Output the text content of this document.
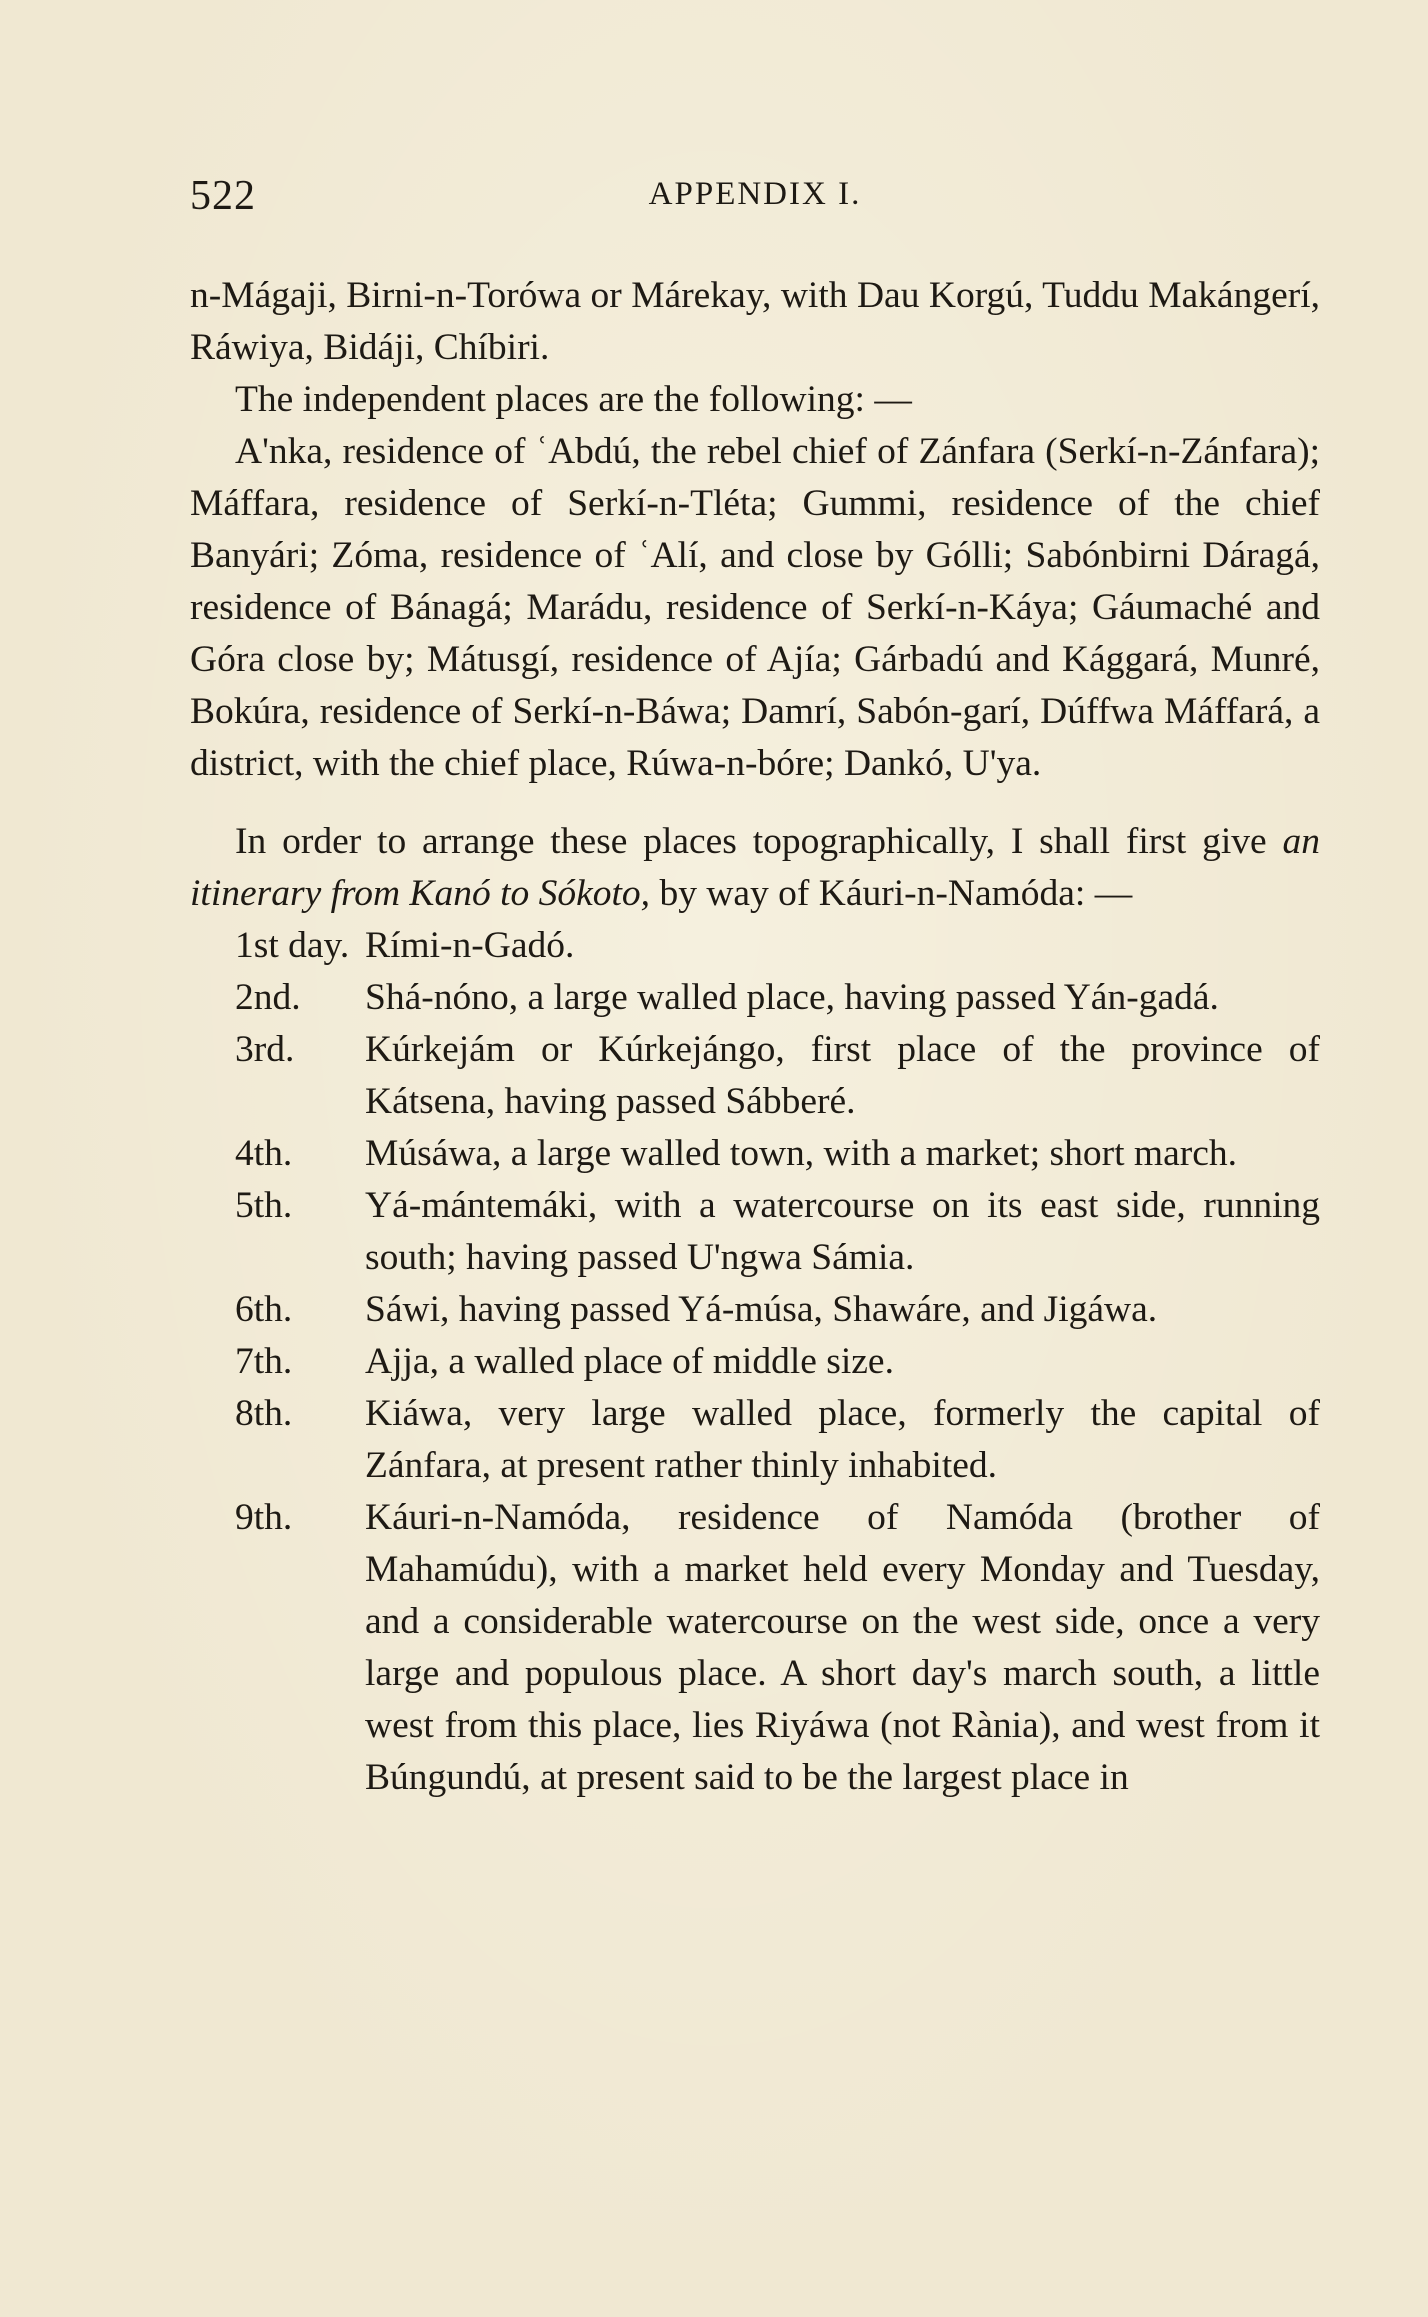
522	APPENDIX I.

n-Mágaji, Birni-n-Torówa or Márekay, with Dau Korgú, Tuddu Makángerí, Ráwiya, Bidáji, Chíbiri.

The independent places are the following: —

A'nka, residence of ʿAbdú, the rebel chief of Zánfara (Serkí-n-Zánfara); Máffara, residence of Serkí-n-Tléta; Gummi, residence of the chief Banyári; Zóma, residence of ʿAlí, and close by Gólli; Sabónbirni Dáragá, residence of Bánagá; Marádu, residence of Serkí-n-Káya; Gáumaché and Góra close by; Mátusgí, residence of Ajía; Gárbadú and Kággará, Munré, Bokúra, residence of Serkí-n-Báwa; Damrí, Sabón-garí, Dúffwa Máffará, a district, with the chief place, Rúwa-n-bóre; Dankó, U'ya.

In order to arrange these places topographically, I shall first give an itinerary from Kanó to Sókoto, by way of Káuri-n-Namóda: —

1st day. Rími-n-Gadó.
2nd. Shá-nóno, a large walled place, having passed Yán-gadá.
3rd. Kúrkejám or Kúrkejángo, first place of the province of Kátsena, having passed Sábberé.
4th. Músáwa, a large walled town, with a market; short march.
5th. Yá-mántemáki, with a watercourse on its east side, running south; having passed U'ngwa Sámia.
6th. Sáwi, having passed Yá-músa, Shawáre, and Jigáwa.
7th. Ajja, a walled place of middle size.
8th. Kiáwa, very large walled place, formerly the capital of Zánfara, at present rather thinly inhabited.
9th. Káuri-n-Namóda, residence of Namóda (brother of Mahamúdu), with a market held every Monday and Tuesday, and a considerable watercourse on the west side, once a very large and populous place. A short day's march south, a little west from this place, lies Riyáwa (not Rània), and west from it Búngundú, at present said to be the largest place in
